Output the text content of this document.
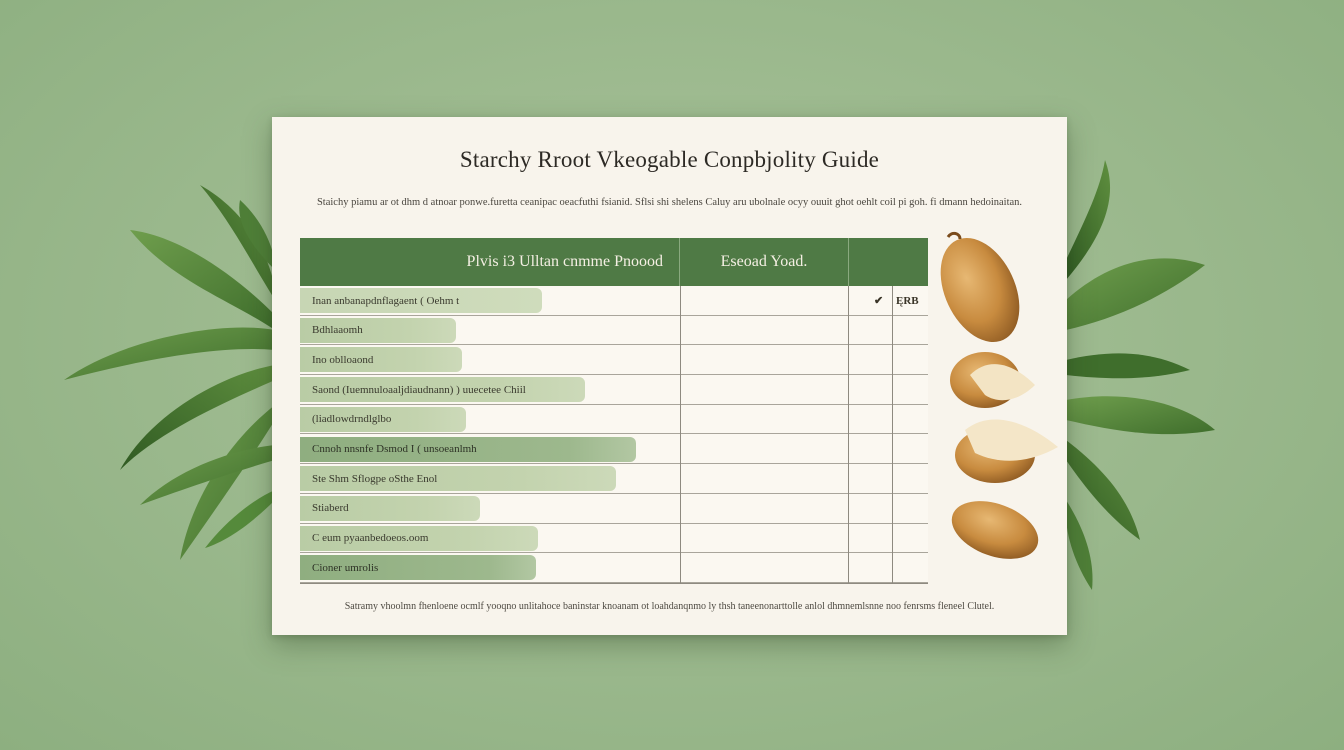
Starchy Rroot Vkeogable Conpbjolity Guide
Staichy piamu ar ot dhm d atnoar ponwe.furetta ceanipac oeacfuthi fsianid. Sflsi shi shelens Caluy aru ubolnale ocyy ouuit ghot oehlt coil pi goh. fi dmann hedoinaitan.
Plvis i3 Ulltan cnmme Pnoood	Eseoad Yoad.
Inan anbanapdnflagaent ( Oehm t	✔ ĘRB
Bdhlaaomh
Ino oblloaond
Saond (Iuemnuloaaljdiaudnann) ) uuecetee Chiil
(liadlowdrndlglbo
Cnnoh nnsnfe Dsmod I ( unsoeanlmh
Ste Shm Sflogpe oSthe Enol
Stiaberd
C eum pyaanbedoeos.oom
Cioner umrolis
Satramy vhoolmn fhenloene ocmlf yooqno unlitahoce baninstar knoanam ot loahdanqnmo ly thsh taneenonarttolle anlol dhmnemlsnne noo fenrsms fleneel Clutel.
